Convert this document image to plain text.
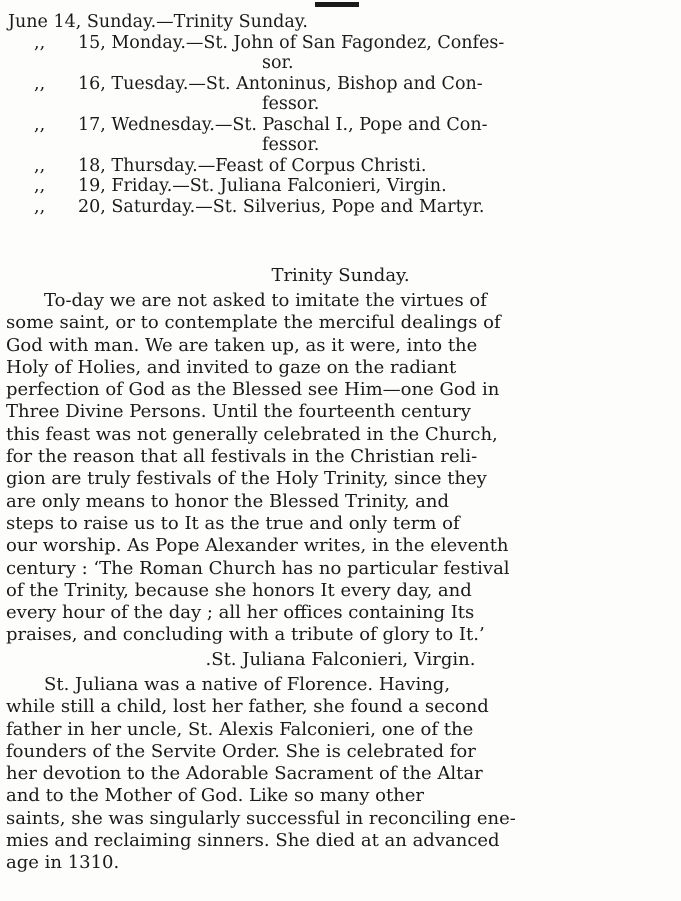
June 14, Sunday.—Trinity Sunday.
,, 15, Monday.—St. John of San Fagondez, Confes-
sor.
,, 16, Tuesday.—St. Antoninus, Bishop and Con-
fessor.
,, 17, Wednesday.—St. Paschal I., Pope and Con-
fessor.
,, 18, Thursday.—Feast of Corpus Christi.
,, 19, Friday.—St. Juliana Falconieri, Virgin.
,, 20, Saturday.—St. Silverius, Pope and Martyr.
Trinity Sunday.

To-day we are not asked to imitate the virtues of
some saint, or to contemplate the merciful dealings of
God with man. We are taken up, as it were, into the
Holy of Holies, and invited to gaze on the radiant
perfection of God as the Blessed see Him—one God in
Three Divine Persons. Until the fourteenth century
this feast was not generally celebrated in the Church,
for the reason that all festivals in the Christian reli-
gion are truly festivals of the Holy Trinity, since they
are only means to honor the Blessed Trinity, and
steps to raise us to It as the true and only term of
our worship. As Pope Alexander writes, in the eleventh
century : ‘The Roman Church has no particular festival
of the Trinity, because she honors It every day, and
every hour of the day ; all her offices containing Its
praises, and concluding with a tribute of glory to It.’

.St. Juliana Falconieri, Virgin.

St. Juliana was a native of Florence. Having,
while still a child, lost her father, she found a second
father in her uncle, St. Alexis Falconieri, one of the
founders of the Servite Order. She is celebrated for
her devotion to the Adorable Sacrament of the Altar
and to the Mother of God. Like so many other
saints, she was singularly successful in reconciling ene-
mies and reclaiming sinners. She died at an advanced
age in 1310.
